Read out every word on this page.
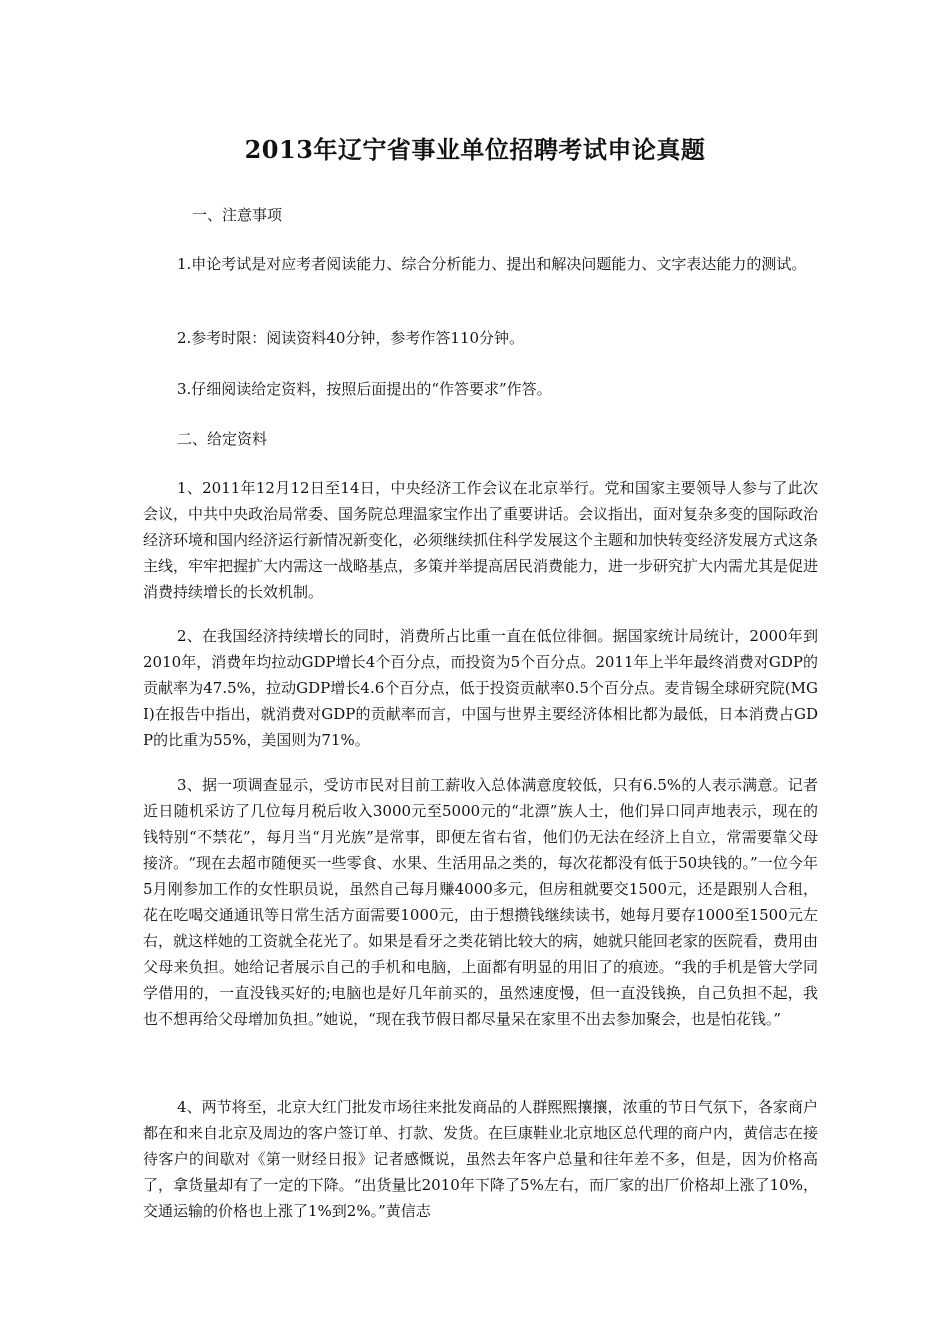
2013年辽宁省事业单位招聘考试申论真题

一、注意事项

1.申论考试是对应考者阅读能力、综合分析能力、提出和解决问题能力、文字表达能力的测试。

2.参考时限：阅读资料40分钟，参考作答110分钟。

3.仔细阅读给定资料，按照后面提出的“作答要求”作答。

二、给定资料

1、2011年12月12日至14日，中央经济工作会议在北京举行。党和国家主要领导人参与了此次会议，中共中央政治局常委、国务院总理温家宝作出了重要讲话。会议指出，面对复杂多变的国际政治经济环境和国内经济运行新情况新变化，必须继续抓住科学发展这个主题和加快转变经济发展方式这条主线，牢牢把握扩大内需这一战略基点，多策并举提高居民消费能力，进一步研究扩大内需尤其是促进消费持续增长的长效机制。

2、在我国经济持续增长的同时，消费所占比重一直在低位徘徊。据国家统计局统计，2000年到2010年，消费年均拉动GDP增长4个百分点，而投资为5个百分点。2011年上半年最终消费对GDP的贡献率为47.5%，拉动GDP增长4.6个百分点，低于投资贡献率0.5个百分点。麦肯锡全球研究院(MGI)在报告中指出，就消费对GDP的贡献率而言，中国与世界主要经济体相比都为最低，日本消费占GDP的比重为55%，美国则为71%。

3、据一项调查显示，受访市民对目前工薪收入总体满意度较低，只有6.5%的人表示满意。记者近日随机采访了几位每月税后收入3000元至5000元的“北漂”族人士，他们异口同声地表示，现在的钱特别“不禁花”，每月当“月光族”是常事，即便左省右省，他们仍无法在经济上自立，常需要靠父母接济。“现在去超市随便买一些零食、水果、生活用品之类的，每次花都没有低于50块钱的。”一位今年5月刚参加工作的女性职员说，虽然自己每月赚4000多元，但房租就要交1500元，还是跟别人合租，花在吃喝交通通讯等日常生活方面需要1000元，由于想攒钱继续读书，她每月要存1000至1500元左右，就这样她的工资就全花光了。如果是看牙之类花销比较大的病，她就只能回老家的医院看，费用由父母来负担。她给记者展示自己的手机和电脑，上面都有明显的用旧了的痕迹。“我的手机是管大学同学借用的，一直没钱买好的;电脑也是好几年前买的，虽然速度慢，但一直没钱换，自己负担不起，我也不想再给父母增加负担。”她说，“现在我节假日都尽量呆在家里不出去参加聚会，也是怕花钱。”

4、两节将至，北京大红门批发市场往来批发商品的人群熙熙攘攘，浓重的节日气氛下，各家商户都在和来自北京及周边的客户签订单、打款、发货。在巨康鞋业北京地区总代理的商户内，黄信志在接待客户的间歇对《第一财经日报》记者感慨说，虽然去年客户总量和往年差不多，但是，因为价格高了，拿货量却有了一定的下降。“出货量比2010年下降了5%左右，而厂家的出厂价格却上涨了10%，交通运输的价格也上涨了1%到2%。”黄信志
